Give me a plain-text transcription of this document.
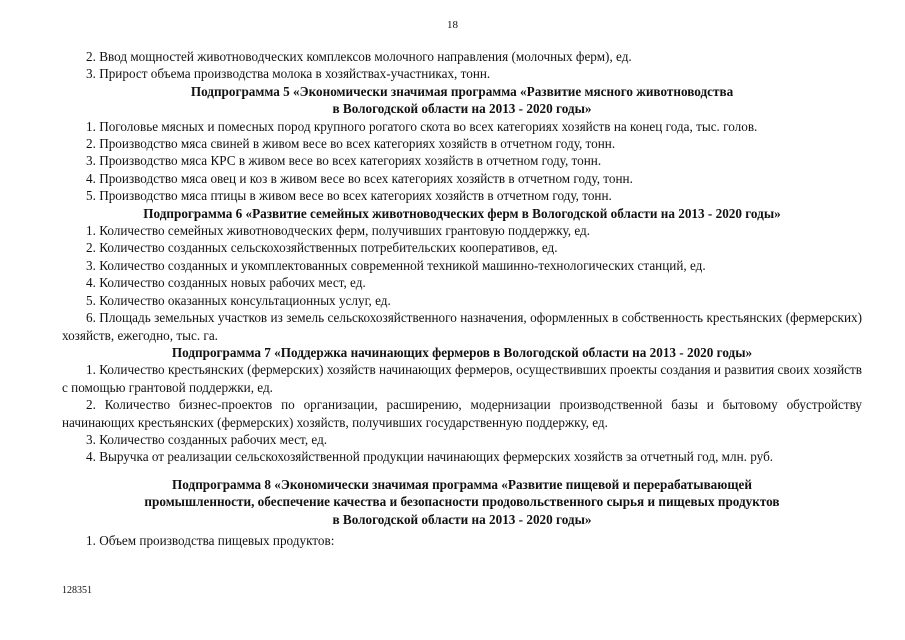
18

2. Ввод мощностей животноводческих комплексов молочного направления (молочных ферм), ед.

3. Прирост объема производства молока в хозяйствах-участниках, тонн.

Подпрограмма 5 «Экономически значимая программа «Развитие мясного животноводства
в Вологодской области на 2013 - 2020 годы»

1. Поголовье мясных и помесных пород крупного рогатого скота во всех категориях хозяйств на конец года, тыс. голов.

2. Производство мяса свиней в живом весе во всех категориях хозяйств в отчетном году, тонн.

3. Производство мяса КРС в живом весе во всех категориях хозяйств в отчетном году, тонн.

4. Производство мяса овец и коз в живом весе во всех категориях хозяйств в отчетном году, тонн.

5. Производство мяса птицы в живом весе во всех категориях хозяйств в отчетном году, тонн.

Подпрограмма 6 «Развитие семейных животноводческих ферм в Вологодской области на 2013 - 2020 годы»

1. Количество семейных животноводческих ферм, получивших грантовую поддержку, ед.

2. Количество созданных сельскохозяйственных потребительских кооперативов, ед.

3. Количество созданных и укомплектованных современной техникой машинно-технологических станций, ед.

4. Количество созданных новых рабочих мест, ед.

5. Количество оказанных консультационных услуг, ед.

6. Площадь земельных участков из земель сельскохозяйственного назначения, оформленных в собственность крестьянских (фермерских) хозяйств, ежегодно, тыс. га.

Подпрограмма 7 «Поддержка начинающих фермеров в Вологодской области на 2013 - 2020 годы»

1. Количество крестьянских (фермерских) хозяйств начинающих фермеров, осуществивших проекты создания и развития своих хозяйств с помощью грантовой поддержки, ед.

2. Количество бизнес-проектов по организации, расширению, модернизации производственной базы и бытовому обустройству начинающих крестьянских (фермерских) хозяйств, получивших государственную поддержку, ед.

3. Количество созданных рабочих мест, ед.

4. Выручка от реализации сельскохозяйственной продукции начинающих фермерских хозяйств за отчетный год, млн. руб.

Подпрограмма 8 «Экономически значимая программа «Развитие пищевой и перерабатывающей
промышленности, обеспечение качества и безопасности продовольственного сырья и пищевых продуктов
в Вологодской области на 2013 - 2020 годы»

1. Объем производства пищевых продуктов:

128351
